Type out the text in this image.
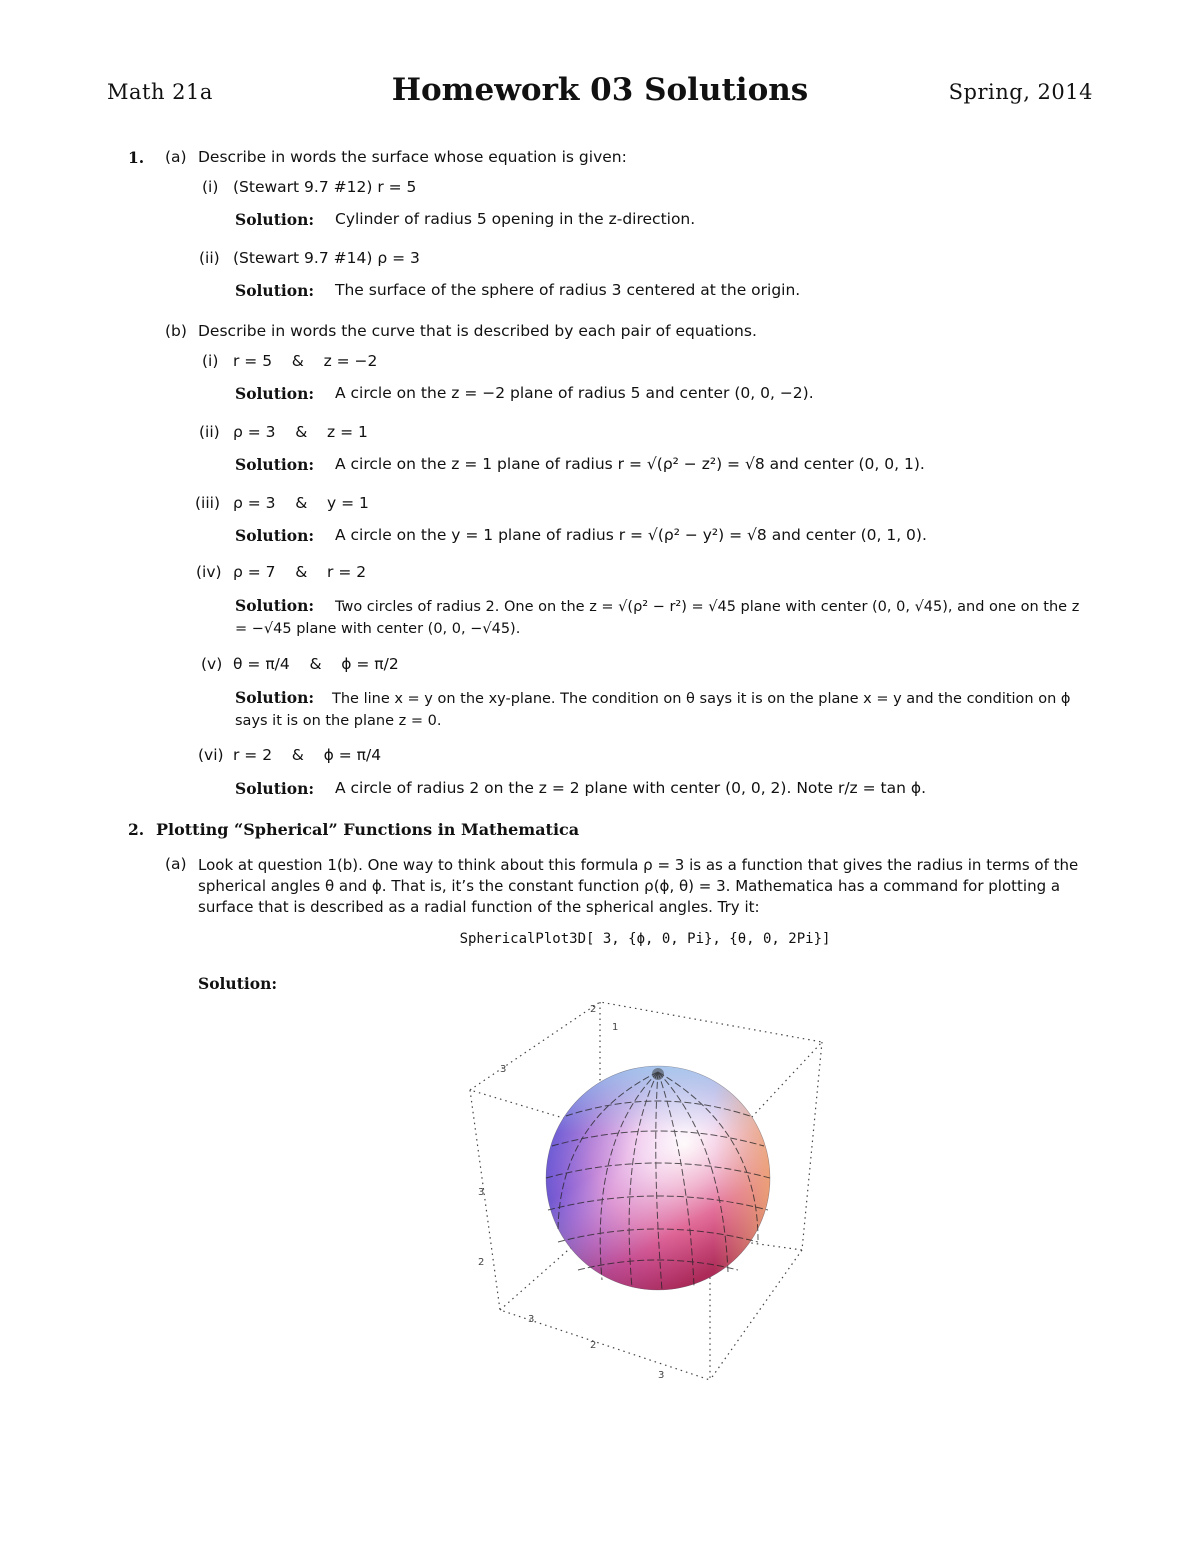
Math 21a	Homework 03 Solutions	Spring, 2014
1. (a) Describe in words the surface whose equation is given:
(i) (Stewart 9.7 #12) r = 5
Solution: Cylinder of radius 5 opening in the z-direction.
(ii) (Stewart 9.7 #14) ρ = 3
Solution: The surface of the sphere of radius 3 centered at the origin.
(b) Describe in words the curve that is described by each pair of equations.
(i) r = 5    &    z = −2
Solution: A circle on the z = −2 plane of radius 5 and center (0, 0, −2).
(ii) ρ = 3    &    z = 1
Solution: A circle on the z = 1 plane of radius r = √(ρ² − z²) = √8 and center (0, 0, 1).
(iii) ρ = 3    &    y = 1
Solution: A circle on the y = 1 plane of radius r = √(ρ² − y²) = √8 and center (0, 1, 0).
(iv) ρ = 7    &    r = 2
Solution:	Two circles of radius 2. One on the z = √(ρ² − r²) = √45 plane with center (0, 0, √45), and one on the z = −√45 plane with center (0, 0, −√45).
(v) θ = π/4    &    ϕ = π/2
Solution:	The line x = y on the xy-plane. The condition on θ says it is on the plane x = y and the condition on ϕ says it is on the plane z = 0.
(vi) r = 2    &    ϕ = π/4
Solution: A circle of radius 2 on the z = 2 plane with center (0, 0, 2). Note r/z = tan ϕ.
2. Plotting “Spherical” Functions in Mathematica
(a) Look at question 1(b). One way to think about this formula ρ = 3 is as a function that gives the radius in terms of the spherical angles θ and ϕ. That is, it’s the constant function ρ(ϕ, θ) = 3. Mathematica has a command for plotting a surface that is described as a radial function of the spherical angles. Try it:
SphericalPlot3D[ 3, {ϕ, 0, Pi}, {θ, 0, 2Pi}]
Solution:
2
1
3
3
2
3
2
3
